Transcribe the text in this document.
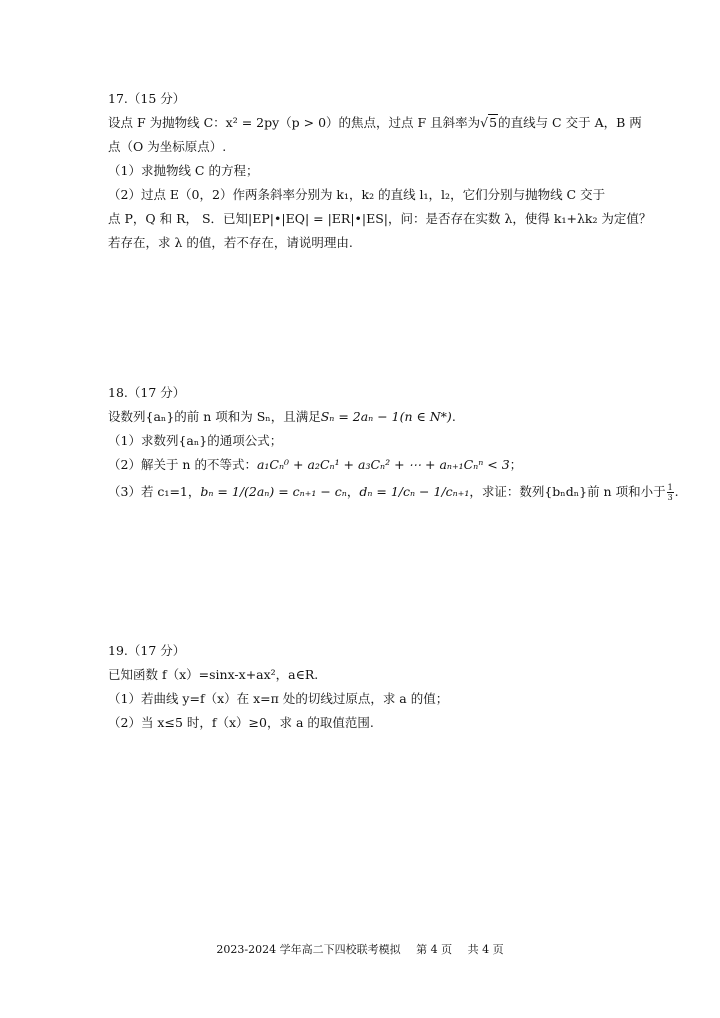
17.（15 分）
设点 F 为抛物线 C：x² = 2py（p > 0）的焦点，过点 F 且斜率为√5的直线与 C 交于 A，B 两
点（O 为坐标原点）.
（1）求抛物线 C 的方程；
（2）过点 E（0，2）作两条斜率分别为 k₁，k₂ 的直线 l₁，l₂，它们分别与抛物线 C 交于
点 P，Q 和 R， S．已知|EP|•|EQ| = |ER|•|ES|，问：是否存在实数 λ，使得 k₁+λk₂ 为定值？
若存在，求 λ 的值，若不存在，请说明理由.
18.（17 分）
设数列{aₙ}的前 n 项和为 Sₙ，且满足Sₙ = 2aₙ − 1(n ∈ N*).
（1）求数列{aₙ}的通项公式；
（2）解关于 n 的不等式：a₁Cₙ⁰ + a₂Cₙ¹ + a₃Cₙ² + ⋯ + aₙ₊₁Cₙⁿ < 3；
（3）若 c₁=1，bₙ = 1/(2aₙ) = cₙ₊₁ − cₙ，dₙ = 1/cₙ − 1/cₙ₊₁，求证：数列{bₙdₙ}前 n 项和小于 $\frac{1}{3}$ .
19.（17 分）
已知函数 f（x）=sinx-x+ax²，a∈R.
（1）若曲线 y=f（x）在 x=π 处的切线过原点，求 a 的值；
（2）当 x≤5 时，f（x）≥0，求 a 的取值范围.
2023-2024 学年高二下四校联考模拟 第 4 页 共 4 页
